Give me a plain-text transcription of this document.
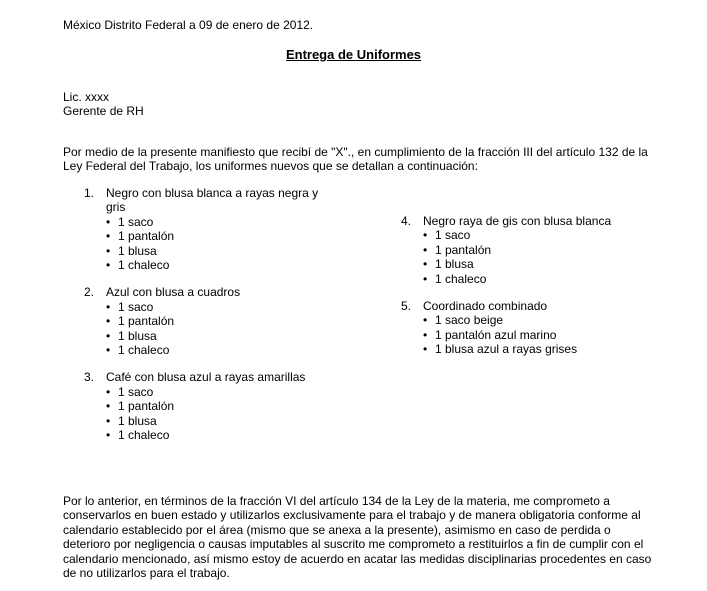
México Distrito Federal a 09 de enero de 2012.
Entrega de Uniformes
Lic. xxxx
Gerente de RH
Por medio de la presente manifiesto que recibí de "X"., en cumplimiento de la fracción III del artículo 132 de la
Ley Federal del Trabajo, los uniformes nuevos que se detallan a continuación:
1. Negro con blusa blanca a rayas negra y
gris
• 1 saco
• 1 pantalón
• 1 blusa
• 1 chaleco
2. Azul con blusa a cuadros
• 1 saco
• 1 pantalón
• 1 blusa
• 1 chaleco
3. Café con blusa azul a rayas amarillas
• 1 saco
• 1 pantalón
• 1 blusa
• 1 chaleco
4. Negro raya de gis con blusa blanca
• 1 saco
• 1 pantalón
• 1 blusa
• 1 chaleco
5. Coordinado combinado
• 1 saco beige
• 1 pantalón azul marino
• 1 blusa azul a rayas grises
Por lo anterior, en términos de la fracción VI del artículo 134 de la Ley de la materia, me comprometo a
conservarlos en buen estado y utilizarlos exclusivamente para el trabajo y de manera obligatoria conforme al
calendario establecido por el área (mismo que se anexa a la presente), asimismo en caso de perdida o
deterioro por negligencia o causas imputables al suscrito me comprometo a restituirlos a fin de cumplir con el
calendario mencionado, así mismo estoy de acuerdo en acatar las medidas disciplinarias procedentes en caso
de no utilizarlos para el trabajo.
